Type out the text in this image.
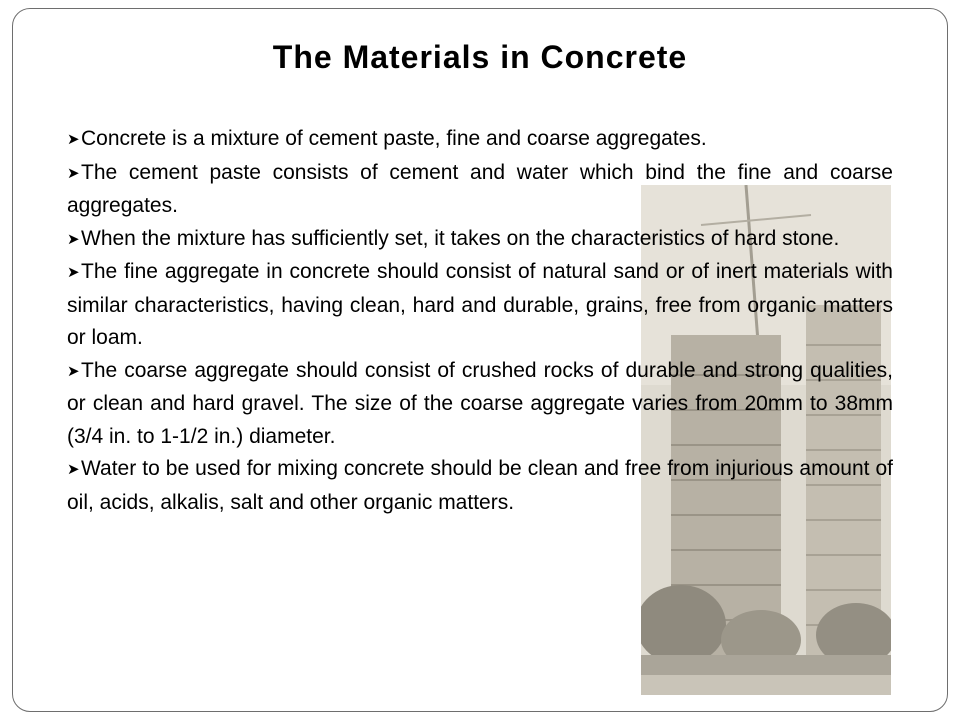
The Materials in Concrete
➤Concrete is a mixture of cement paste, fine and coarse aggregates.
➤The cement paste consists of cement and water which bind the fine and coarse aggregates.
➤When the mixture has sufficiently set, it takes on the characteristics of hard stone.
➤The fine aggregate in concrete should consist of natural sand or of inert materials with similar characteristics, having clean, hard and durable, grains, free from organic matters or loam.
➤The coarse aggregate should consist of crushed rocks of durable and strong qualities, or clean and hard gravel. The size of the coarse aggregate varies from 20mm to 38mm (3/4 in. to 1-1/2 in.) diameter.
➤Water to be used for mixing concrete should be clean and free from injurious amount of oil, acids, alkalis, salt and other organic matters.
